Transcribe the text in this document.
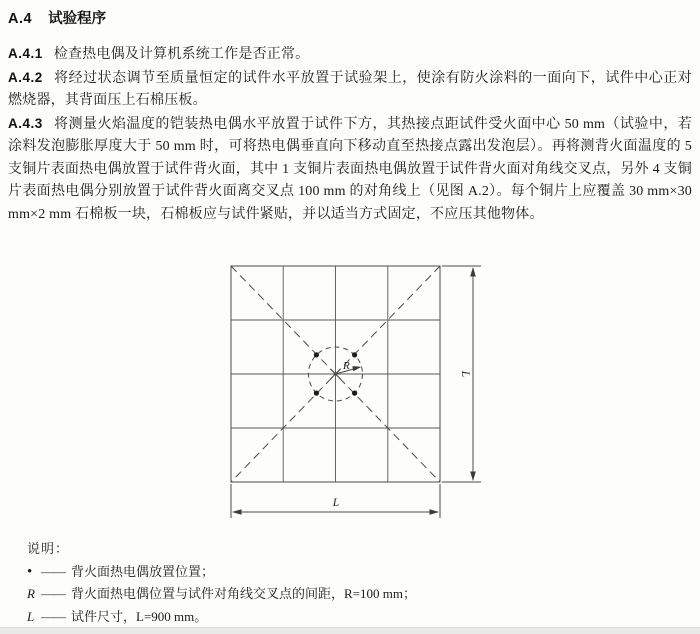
A.4 试验程序

A.4.1 检查热电偶及计算机系统工作是否正常。

A.4.2 将经过状态调节至质量恒定的试件水平放置于试验架上，使涂有防火涂料的一面向下，试件中心正对燃烧器，其背面压上石棉压板。

A.4.3 将测量火焰温度的铠装热电偶水平放置于试件下方，其热接点距试件受火面中心 50 mm（试验中，若涂料发泡膨胀厚度大于 50 mm 时，可将热电偶垂直向下移动直至热接点露出发泡层）。再将测背火面温度的 5 支铜片表面热电偶放置于试件背火面，其中 1 支铜片表面热电偶放置于试件背火面对角线交叉点，另外 4 支铜片表面热电偶分别放置于试件背火面离交叉点 100 mm 的对角线上（见图 A.2）。每个铜片上应覆盖 30 mm×30 mm×2 mm 石棉板一块，石棉板应与试件紧贴，并以适当方式固定，不应压其他物体。

R
L
L
说明：
• —— 背火面热电偶放置位置；
R —— 背火面热电偶位置与试件对角线交叉点的间距，R=100 mm；
L —— 试件尺寸，L=900 mm。
